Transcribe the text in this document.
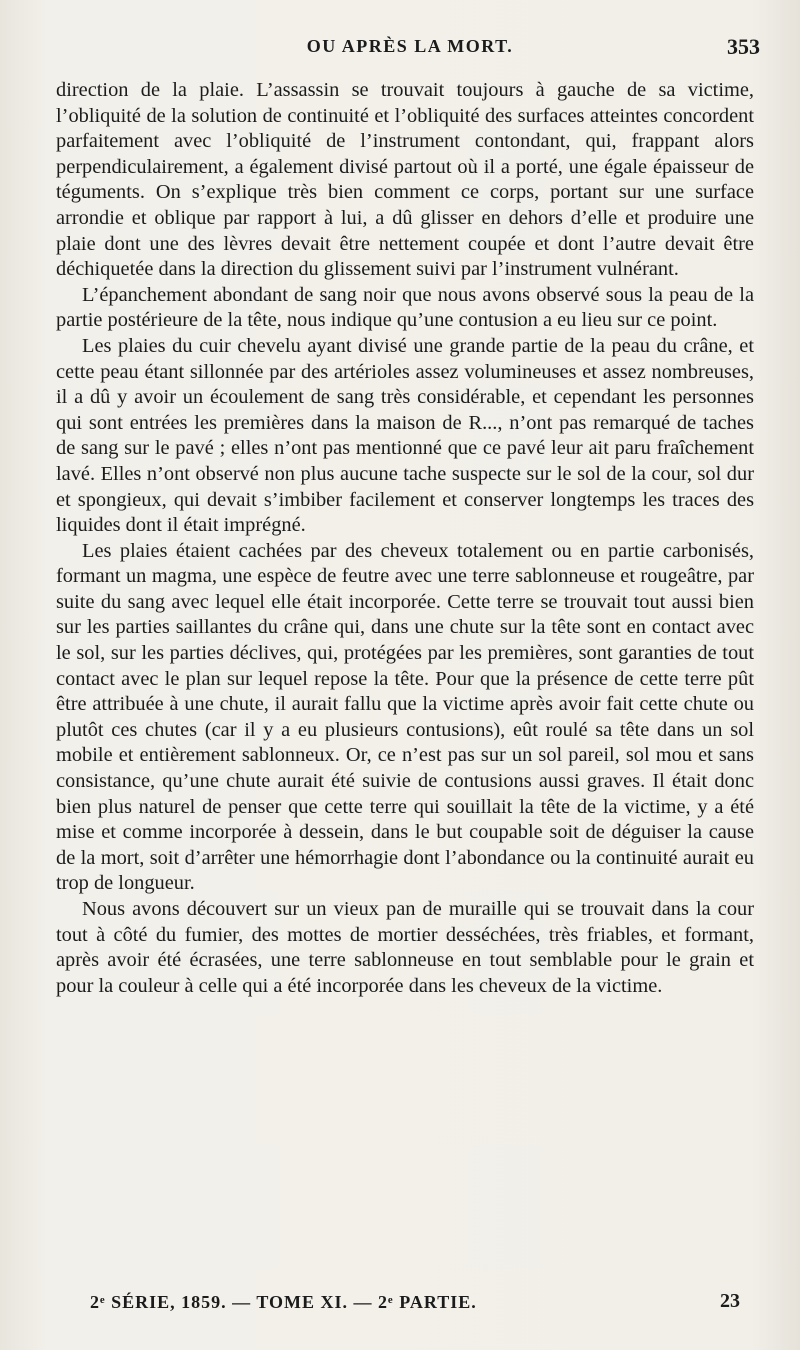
OU APRÈS LA MORT.	353

direction de la plaie. L’assassin se trouvait toujours à gauche de sa victime, l’obliquité de la solution de continuité et l’obliquité des surfaces atteintes concordent parfaitement avec l’obliquité de l’instrument contondant, qui, frappant alors perpendiculairement, a également divisé partout où il a porté, une égale épaisseur de téguments. On s’explique très bien comment ce corps, portant sur une surface arrondie et oblique par rapport à lui, a dû glisser en dehors d’elle et produire une plaie dont une des lèvres devait être nettement coupée et dont l’autre devait être déchiquetée dans la direction du glissement suivi par l’instrument vulnérant.

L’épanchement abondant de sang noir que nous avons observé sous la peau de la partie postérieure de la tête, nous indique qu’une contusion a eu lieu sur ce point.

Les plaies du cuir chevelu ayant divisé une grande partie de la peau du crâne, et cette peau étant sillonnée par des artérioles assez volumineuses et assez nombreuses, il a dû y avoir un écoulement de sang très considérable, et cependant les personnes qui sont entrées les premières dans la maison de R..., n’ont pas remarqué de taches de sang sur le pavé ; elles n’ont pas mentionné que ce pavé leur ait paru fraîchement lavé. Elles n’ont observé non plus aucune tache suspecte sur le sol de la cour, sol dur et spongieux, qui devait s’imbiber facilement et conserver longtemps les traces des liquides dont il était imprégné.

Les plaies étaient cachées par des cheveux totalement ou en partie carbonisés, formant un magma, une espèce de feutre avec une terre sablonneuse et rougeâtre, par suite du sang avec lequel elle était incorporée. Cette terre se trouvait tout aussi bien sur les parties saillantes du crâne qui, dans une chute sur la tête sont en contact avec le sol, sur les parties déclives, qui, protégées par les premières, sont garanties de tout contact avec le plan sur lequel repose la tête. Pour que la présence de cette terre pût être attribuée à une chute, il aurait fallu que la victime après avoir fait cette chute ou plutôt ces chutes (car il y a eu plusieurs contusions), eût roulé sa tête dans un sol mobile et entièrement sablonneux. Or, ce n’est pas sur un sol pareil, sol mou et sans consistance, qu’une chute aurait été suivie de contusions aussi graves. Il était donc bien plus naturel de penser que cette terre qui souillait la tête de la victime, y a été mise et comme incorporée à dessein, dans le but coupable soit de déguiser la cause de la mort, soit d’arrêter une hémorrhagie dont l’abondance ou la continuité aurait eu trop de longueur.

Nous avons découvert sur un vieux pan de muraille qui se trouvait dans la cour tout à côté du fumier, des mottes de mortier desséchées, très friables, et formant, après avoir été écrasées, une terre sablonneuse en tout semblable pour le grain et pour la couleur à celle qui a été incorporée dans les cheveux de la victime.

2ᵉ SÉRIE, 1859. — TOME XI. — 2ᵉ PARTIE.	23
